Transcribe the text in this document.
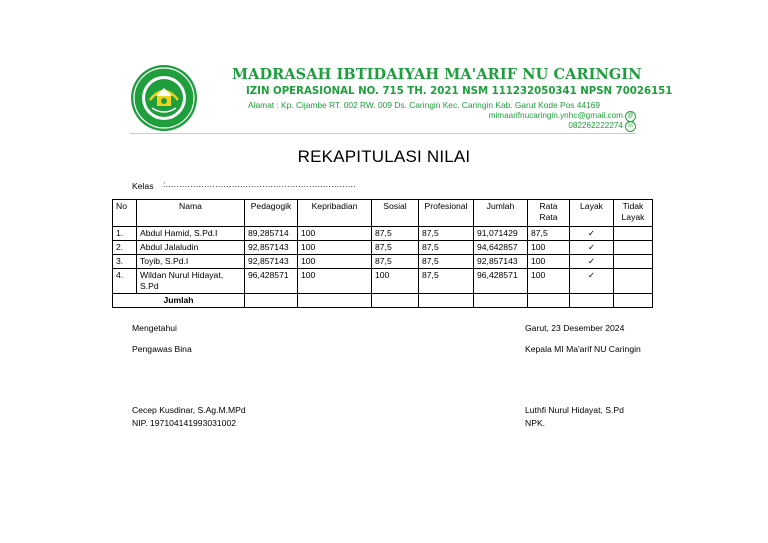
MADRASAH IBTIDAIYAH MA'ARIF NU CARINGIN
IZIN OPERASIONAL NO. 715 TH. 2021 NSM 111232050341 NPSN 70026151
Alamat : Kp. Cijambe RT. 002 RW. 009 Ds. Caringin Kec. Caringin Kab. Garut Kode Pos 44169
mimaarifnucaringin.ynhc@gmail.com @
082262222274 ☏
REKAPITULASI NILAI
Kelas :……………………………………………………………
No	Nama	Pedagogik	Kepribadian	Sosial	Profesional	Jumlah	Rata Rata	Layak	Tidak Layak
1.	Abdul Hamid, S.Pd.I	89,285714	100	87,5	87,5	91,071429	87,5	✓	
2.	Abdul Jalaludin	92,857143	100	87,5	87,5	94,642857	100	✓	
3.	Toyib, S.Pd.I	92,857143	100	87,5	87,5	92,857143	100	✓	
4.	Wildan Nurul Hidayat, S.Pd	96,428571	100	100	87,5	96,428571	100	✓	
Jumlah									
Mengetahui
Pengawas Bina
Cecep Kusdinar, S.Ag.M.MPd
NIP. 197104141993031002
Garut, 23 Desember 2024
Kepala MI Ma'arif NU Caringin
Luthfi Nurul Hidayat, S.Pd
NPK.
